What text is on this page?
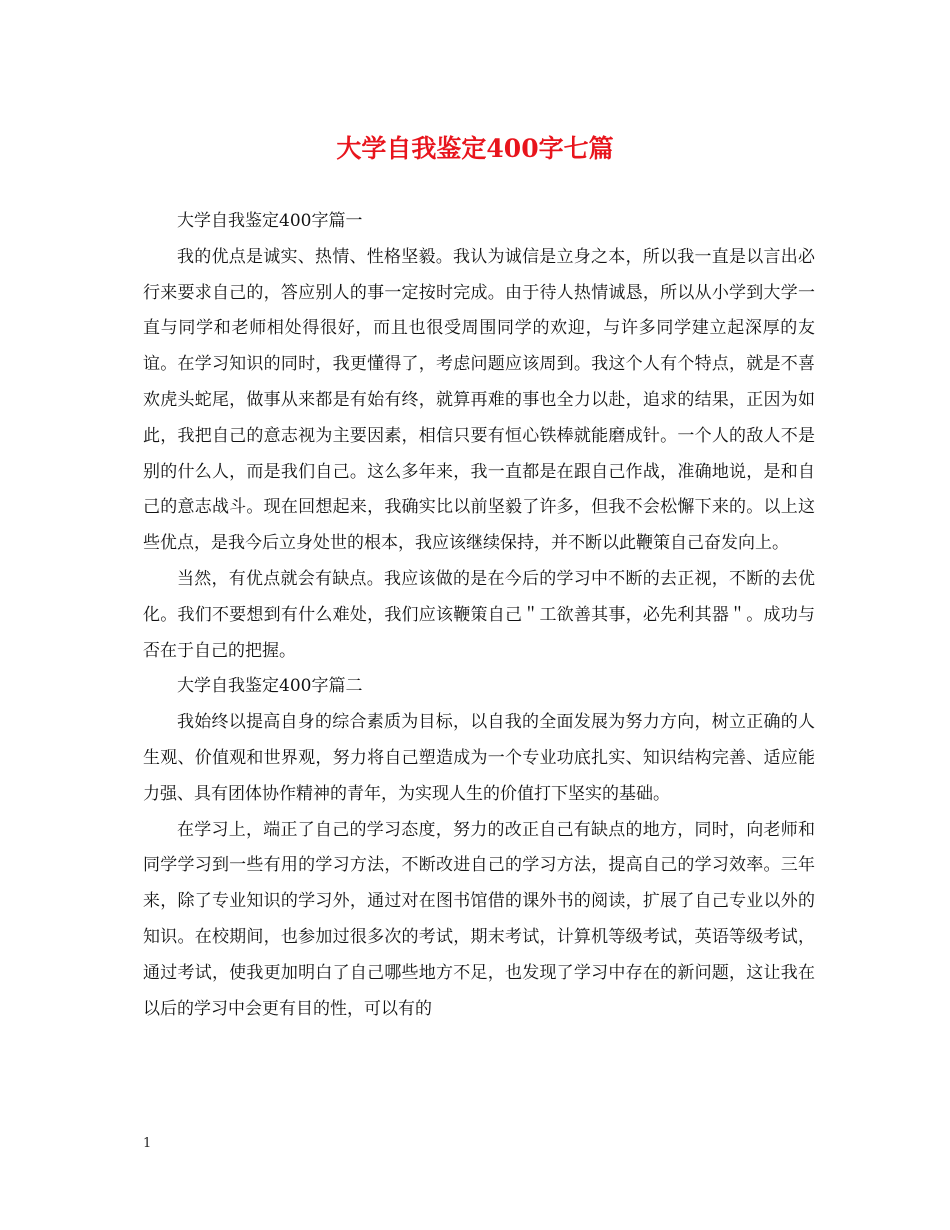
大学自我鉴定400字七篇

大学自我鉴定400字篇一

我的优点是诚实、热情、性格坚毅。我认为诚信是立身之本，所以我一直是以言出必行来要求自己的，答应别人的事一定按时完成。由于待人热情诚恳，所以从小学到大学一直与同学和老师相处得很好，而且也很受周围同学的欢迎，与许多同学建立起深厚的友谊。在学习知识的同时，我更懂得了，考虑问题应该周到。我这个人有个特点，就是不喜欢虎头蛇尾，做事从来都是有始有终，就算再难的事也全力以赴，追求的结果，正因为如此，我把自己的意志视为主要因素，相信只要有恒心铁棒就能磨成针。一个人的敌人不是别的什么人，而是我们自己。这么多年来，我一直都是在跟自己作战，准确地说，是和自己的意志战斗。现在回想起来，我确实比以前坚毅了许多，但我不会松懈下来的。以上这些优点，是我今后立身处世的根本，我应该继续保持，并不断以此鞭策自己奋发向上。

当然，有优点就会有缺点。我应该做的是在今后的学习中不断的去正视，不断的去优化。我们不要想到有什么难处，我们应该鞭策自己＂工欲善其事，必先利其器＂。成功与否在于自己的把握。

大学自我鉴定400字篇二

我始终以提高自身的综合素质为目标，以自我的全面发展为努力方向，树立正确的人生观、价值观和世界观，努力将自己塑造成为一个专业功底扎实、知识结构完善、适应能力强、具有团体协作精神的青年，为实现人生的价值打下坚实的基础。

在学习上，端正了自己的学习态度，努力的改正自己有缺点的地方，同时，向老师和同学学习到一些有用的学习方法，不断改进自己的学习方法，提高自己的学习效率。三年来，除了专业知识的学习外，通过对在图书馆借的课外书的阅读，扩展了自己专业以外的知识。在校期间，也参加过很多次的考试，期末考试，计算机等级考试，英语等级考试，通过考试，使我更加明白了自己哪些地方不足，也发现了学习中存在的新问题，这让我在以后的学习中会更有目的性，可以有的

1
